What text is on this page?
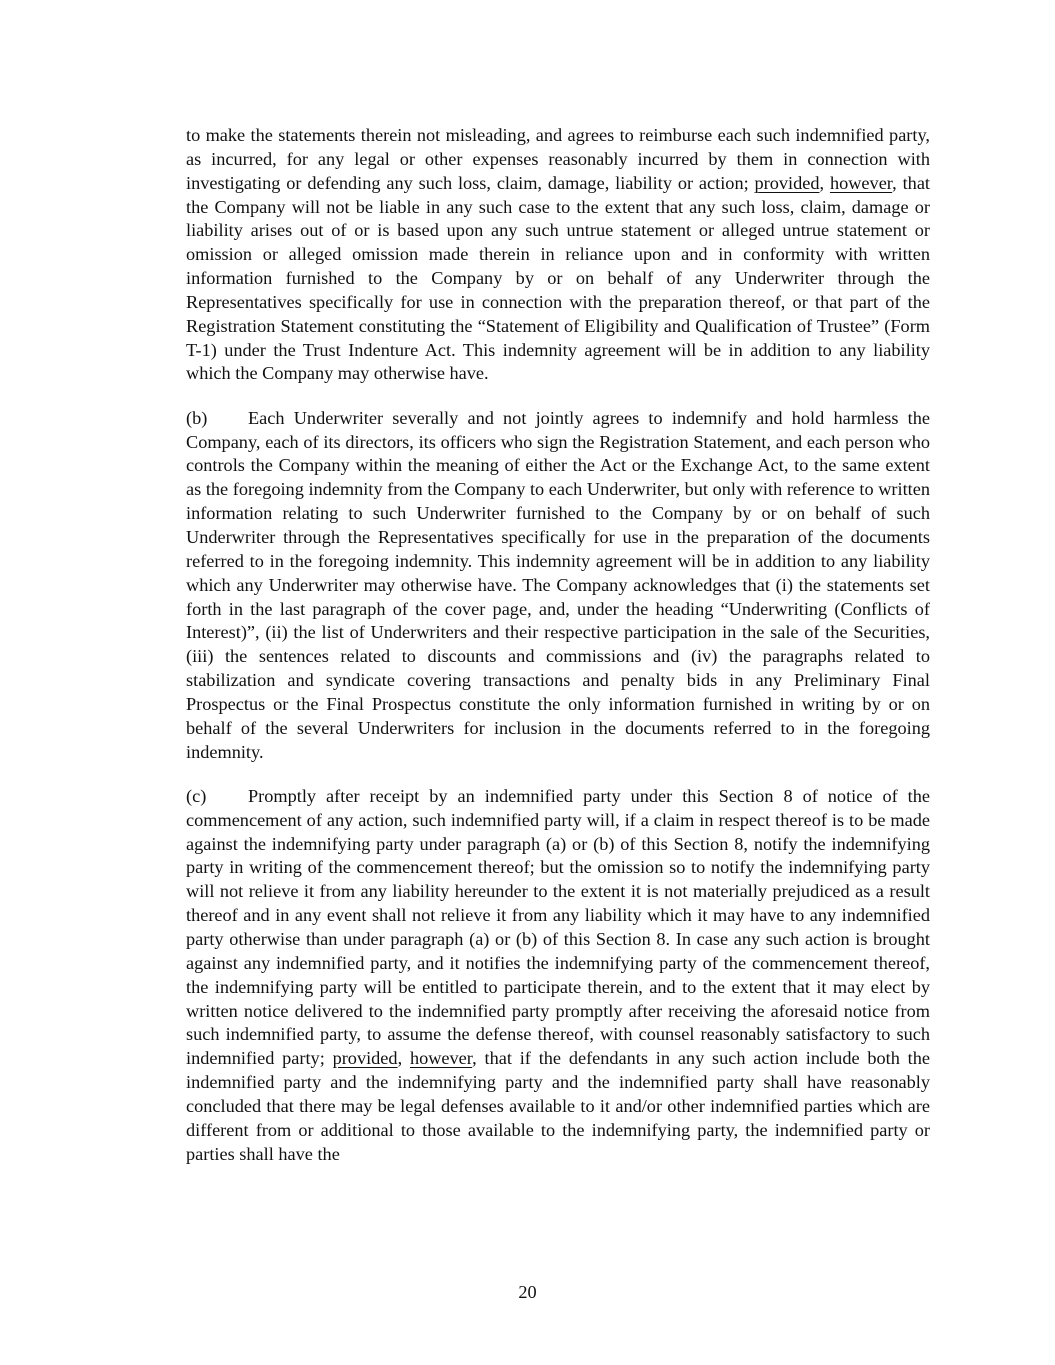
to make the statements therein not misleading, and agrees to reimburse each such indemnified party, as incurred, for any legal or other expenses reasonably incurred by them in connection with investigating or defending any such loss, claim, damage, liability or action; provided, however, that the Company will not be liable in any such case to the extent that any such loss, claim, damage or liability arises out of or is based upon any such untrue statement or alleged untrue statement or omission or alleged omission made therein in reliance upon and in conformity with written information furnished to the Company by or on behalf of any Underwriter through the Representatives specifically for use in connection with the preparation thereof, or that part of the Registration Statement constituting the “Statement of Eligibility and Qualification of Trustee” (Form T-1) under the Trust Indenture Act. This indemnity agreement will be in addition to any liability which the Company may otherwise have.

(b) Each Underwriter severally and not jointly agrees to indemnify and hold harmless the Company, each of its directors, its officers who sign the Registration Statement, and each person who controls the Company within the meaning of either the Act or the Exchange Act, to the same extent as the foregoing indemnity from the Company to each Underwriter, but only with reference to written information relating to such Underwriter furnished to the Company by or on behalf of such Underwriter through the Representatives specifically for use in the preparation of the documents referred to in the foregoing indemnity. This indemnity agreement will be in addition to any liability which any Underwriter may otherwise have. The Company acknowledges that (i) the statements set forth in the last paragraph of the cover page, and, under the heading “Underwriting (Conflicts of Interest)”, (ii) the list of Underwriters and their respective participation in the sale of the Securities, (iii) the sentences related to discounts and commissions and (iv) the paragraphs related to stabilization and syndicate covering transactions and penalty bids in any Preliminary Final Prospectus or the Final Prospectus constitute the only information furnished in writing by or on behalf of the several Underwriters for inclusion in the documents referred to in the foregoing indemnity.

(c) Promptly after receipt by an indemnified party under this Section 8 of notice of the commencement of any action, such indemnified party will, if a claim in respect thereof is to be made against the indemnifying party under paragraph (a) or (b) of this Section 8, notify the indemnifying party in writing of the commencement thereof; but the omission so to notify the indemnifying party will not relieve it from any liability hereunder to the extent it is not materially prejudiced as a result thereof and in any event shall not relieve it from any liability which it may have to any indemnified party otherwise than under paragraph (a) or (b) of this Section 8. In case any such action is brought against any indemnified party, and it notifies the indemnifying party of the commencement thereof, the indemnifying party will be entitled to participate therein, and to the extent that it may elect by written notice delivered to the indemnified party promptly after receiving the aforesaid notice from such indemnified party, to assume the defense thereof, with counsel reasonably satisfactory to such indemnified party; provided, however, that if the defendants in any such action include both the indemnified party and the indemnifying party and the indemnified party shall have reasonably concluded that there may be legal defenses available to it and/or other indemnified parties which are different from or additional to those available to the indemnifying party, the indemnified party or parties shall have the

20
